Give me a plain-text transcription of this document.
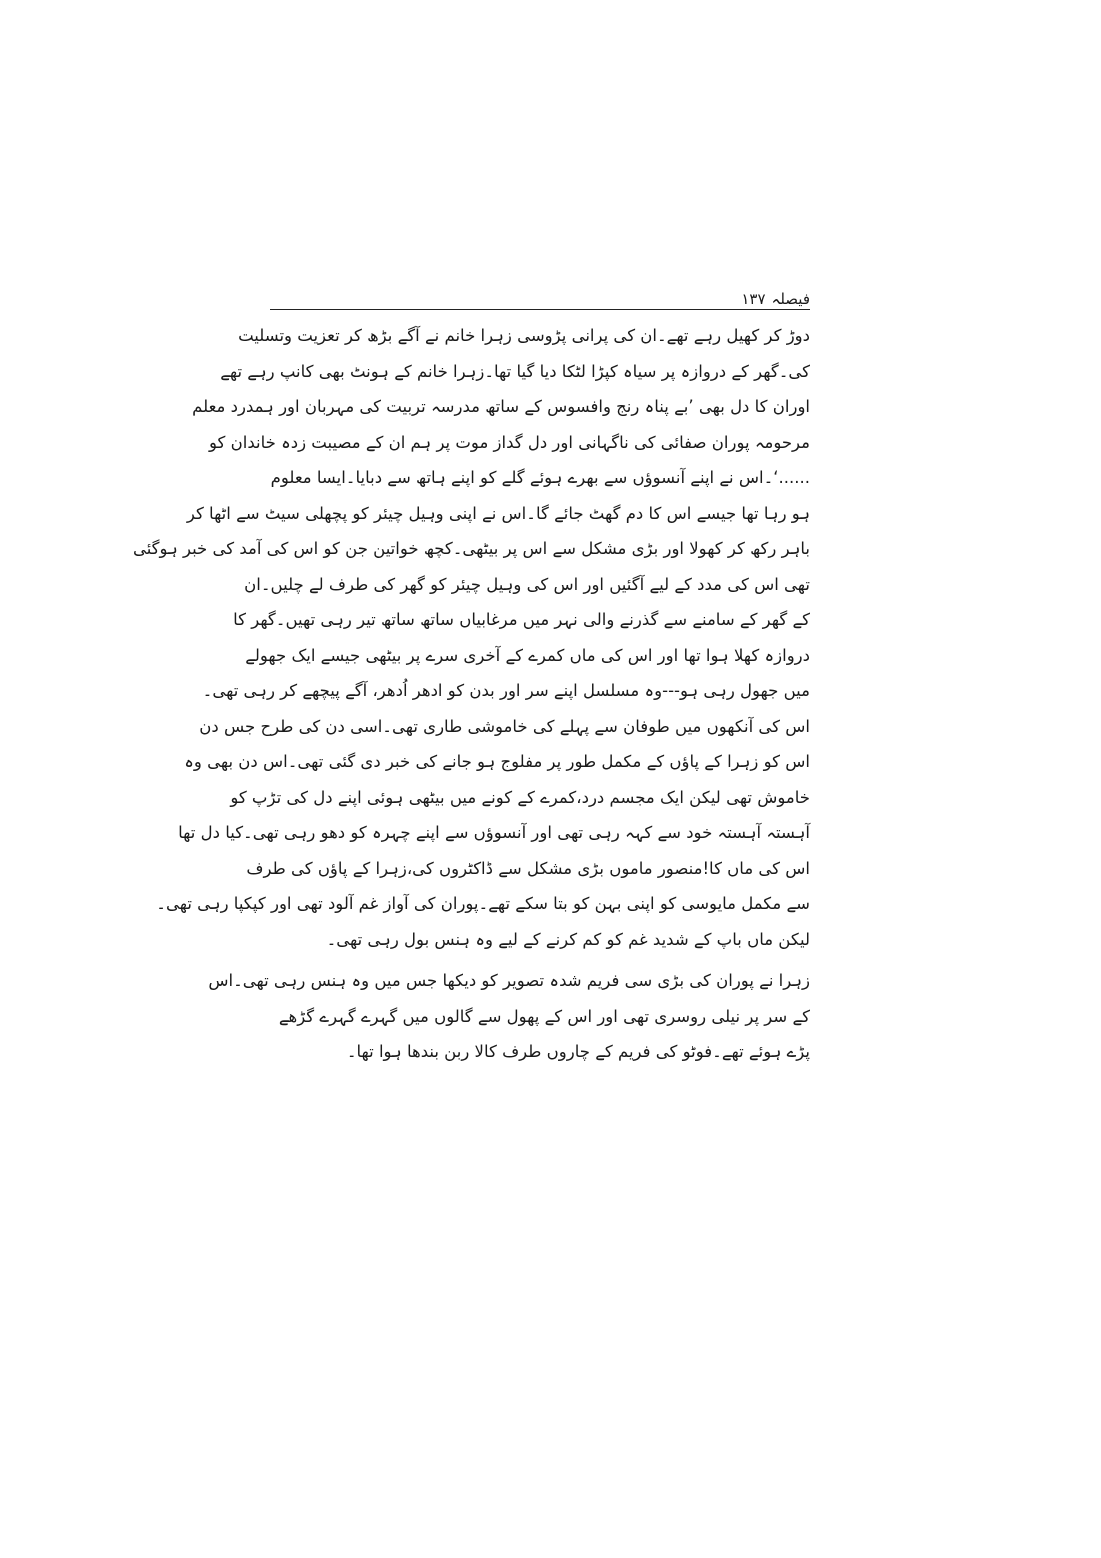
فیصلہ
۱۳۷

دوڑ کر کھیل رہے تھے۔ان کی پرانی پڑوسی زہرا خانم نے آگے بڑھ کر تعزیت وتسلیت

کی۔گھر کے دروازہ پر سیاہ کپڑا لٹکا دیا گیا تھا۔زہرا خانم کے ہونٹ بھی کانپ رہے تھے

اوران کا دل بھی ’بے پناہ رنج وافسوس کے ساتھ مدرسہ تربیت کی مہربان اور ہمدرد معلم

مرحومہ پوران صفائی کی ناگہانی اور دل گداز موت پر ہم ان کے مصیبت زدہ خاندان کو

......‘۔اس نے اپنے آنسوؤں سے بھرے ہوئے گلے کو اپنے ہاتھ سے دبایا۔ایسا معلوم

ہو رہا تھا جیسے اس کا دم گھٹ جائے گا۔اس نے اپنی وہیل چیئر کو پچھلی سیٹ سے اٹھا کر

باہر رکھ کر کھولا اور بڑی مشکل سے اس پر بیٹھی۔کچھ خواتین جن کو اس کی آمد کی خبر ہوگئی

تھی اس کی مدد کے لیے آگئیں اور اس کی وہیل چیئر کو گھر کی طرف لے چلیں۔ان

کے گھر کے سامنے سے گذرنے والی نہر میں مرغابیاں ساتھ ساتھ تیر رہی تھیں۔گھر کا

دروازہ کھلا ہوا تھا اور اس کی ماں کمرے کے آخری سرے پر بیٹھی جیسے ایک جھولے

میں جھول رہی ہو---وہ مسلسل اپنے سر اور بدن کو ادھر اُدھر، آگے پیچھے کر رہی تھی۔

اس کی آنکھوں میں طوفان سے پہلے کی خاموشی طاری تھی۔اسی دن کی طرح جس دن

اس کو زہرا کے پاؤں کے مکمل طور پر مفلوج ہو جانے کی خبر دی گئی تھی۔اس دن بھی وہ

خاموش تھی لیکن ایک مجسم درد،کمرے کے کونے میں بیٹھی ہوئی اپنے دل کی تڑپ کو

آہستہ آہستہ خود سے کہہ رہی تھی اور آنسوؤں سے اپنے چہرہ کو دھو رہی تھی۔کیا دل تھا

اس کی ماں کا!منصور ماموں بڑی مشکل سے ڈاکٹروں کی،زہرا کے پاؤں کی طرف

سے مکمل مایوسی کو اپنی بہن کو بتا سکے تھے۔پوران کی آواز غم آلود تھی اور کپکپا رہی تھی۔

لیکن ماں باپ کے شدید غم کو کم کرنے کے لیے وہ ہنس بول رہی تھی۔

زہرا نے پوران کی بڑی سی فریم شدہ تصویر کو دیکھا جس میں وہ ہنس رہی تھی۔اس

کے سر پر نیلی روسری تھی اور اس کے پھول سے گالوں میں گہرے گہرے گڑھے

پڑے ہوئے تھے۔فوٹو کی فریم کے چاروں طرف کالا ربن بندھا ہوا تھا۔
